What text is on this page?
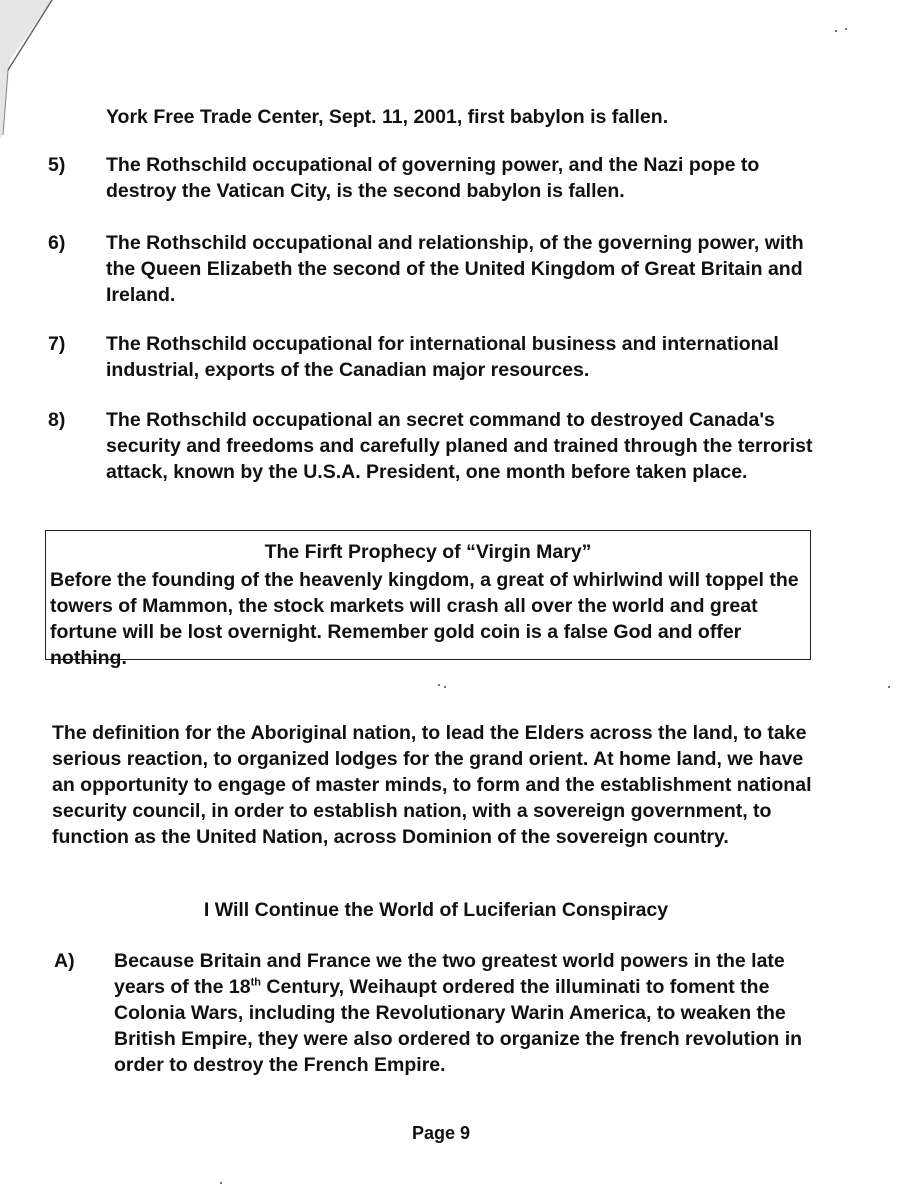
York Free Trade Center, Sept. 11, 2001, first babylon is fallen.
5)	The Rothschild occupational of governing power, and the Nazi pope to destroy the Vatican City, is the second babylon is fallen.
6)	The Rothschild occupational and relationship, of the governing power, with the Queen Elizabeth the second of the United Kingdom of Great Britain and Ireland.
7)	The Rothschild occupational for international business and international industrial, exports of the Canadian major resources.
8)	The Rothschild occupational an secret command to destroyed Canada's security and freedoms and carefully planed and trained through the terrorist attack, known by the U.S.A. President, one month before taken place.
The Firft Prophecy of “Virgin Mary”
Before the founding of the heavenly kingdom, a great of whirlwind will toppel the towers of Mammon, the stock markets will crash all over the world and great fortune will be lost overnight. Remember gold coin is a false God and offer nothing.
The definition for the Aboriginal nation, to lead the Elders across the land, to take serious reaction, to organized lodges for the grand orient. At home land, we have an opportunity to engage of master minds, to form and the establishment national security council, in order to establish nation, with a sovereign government, to function as the United Nation, across Dominion of the sovereign country.
I Will Continue the World of Luciferian Conspiracy
A)	Because Britain and France we the two greatest world powers in the late years of the 18th Century, Weihaupt ordered the illuminati to foment the Colonia Wars, including the Revolutionary Warin America, to weaken the British Empire, they were also ordered to organize the french revolution in order to destroy the French Empire.
Page 9
